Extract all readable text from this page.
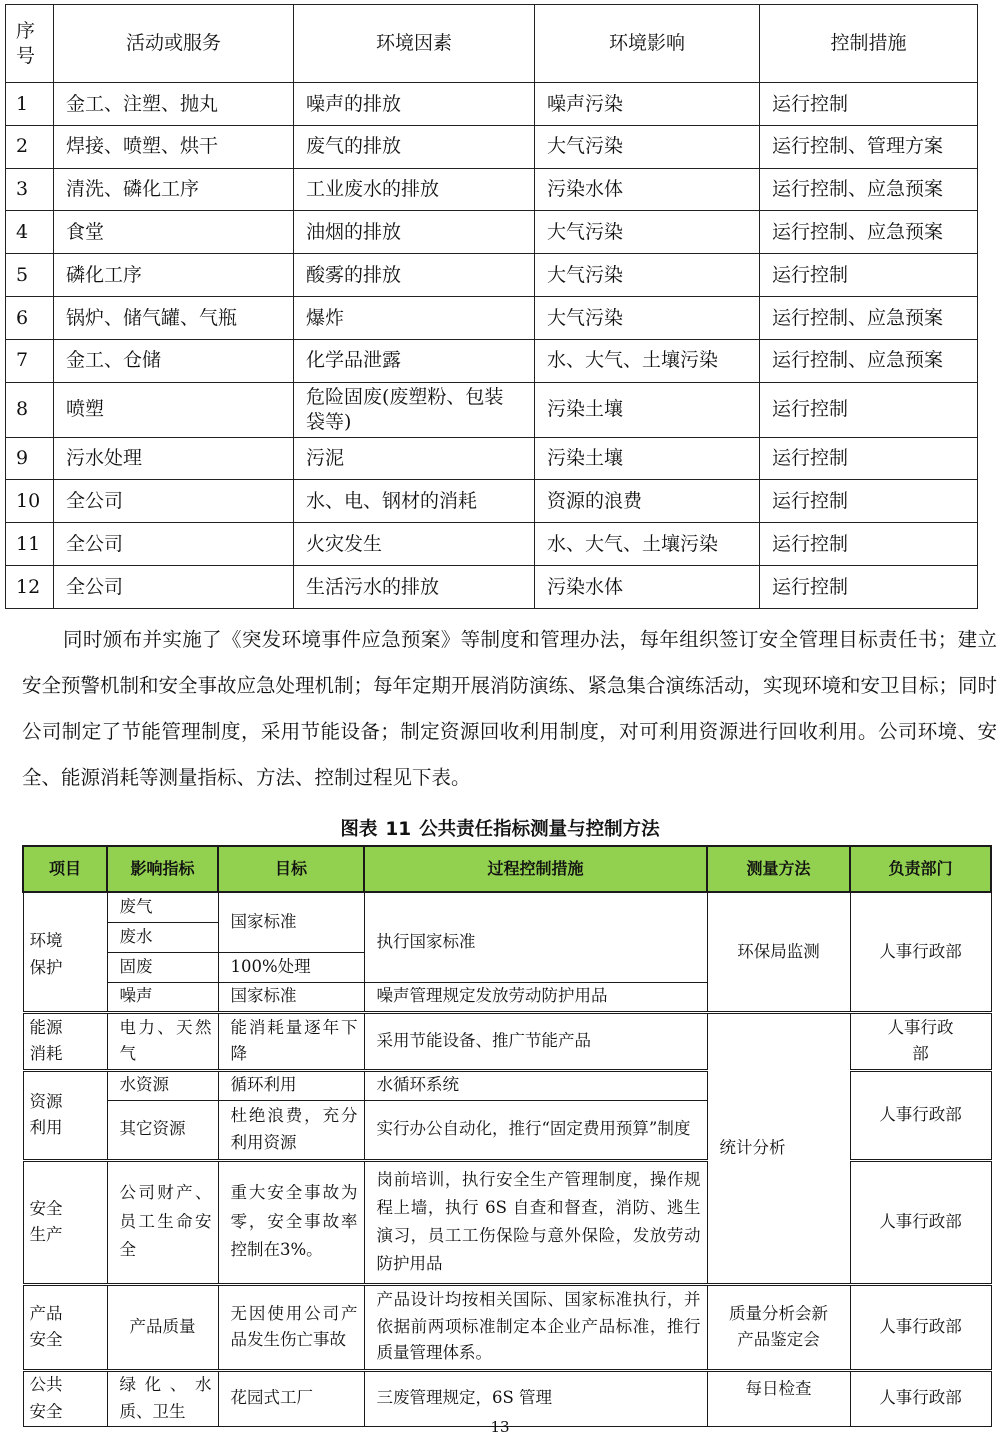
序号	活动或服务	环境因素	环境影响	控制措施
1	金工、注塑、抛丸	噪声的排放	噪声污染	运行控制
2	焊接、喷塑、烘干	废气的排放	大气污染	运行控制、管理方案
3	清洗、磷化工序	工业废水的排放	污染水体	运行控制、应急预案
4	食堂	油烟的排放	大气污染	运行控制、应急预案
5	磷化工序	酸雾的排放	大气污染	运行控制
6	锅炉、储气罐、气瓶	爆炸	大气污染	运行控制、应急预案
7	金工、仓储	化学品泄露	水、大气、土壤污染	运行控制、应急预案
8	喷塑	危险固废(废塑粉、包装袋等)	污染土壤	运行控制
9	污水处理	污泥	污染土壤	运行控制
10	全公司	水、电、钢材的消耗	资源的浪费	运行控制
11	全公司	火灾发生	水、大气、土壤污染	运行控制
12	全公司	生活污水的排放	污染水体	运行控制

同时颁布并实施了《突发环境事件应急预案》等制度和管理办法，每年组织签订安全管理目标责任书；建立安全预警机制和安全事故应急处理机制；每年定期开展消防演练、紧急集合演练活动，实现环境和安卫目标；同时公司制定了节能管理制度，采用节能设备；制定资源回收利用制度，对可利用资源进行回收利用。公司环境、安全、能源消耗等测量指标、方法、控制过程见下表。

图表 11 公共责任指标测量与控制方法
项目	影响指标	目标	过程控制措施	测量方法	负责部门
环境保护	废气	国家标准	执行国家标准	环保局监测	人事行政部
	废水				
	固废	100%处理			
	噪声	国家标准	噪声管理规定发放劳动防护用品		
能源消耗	电力、天然气	能消耗量逐年下降	采用节能设备、推广节能产品	统计分析	人事行政部
资源利用	水资源	循环利用	水循环系统		人事行政部
	其它资源	杜绝浪费，充分利用资源	实行办公自动化，推行“固定费用预算”制度		
安全生产	公司财产、员工生命安全	重大安全事故为零，安全事故率控制在3%。	岗前培训，执行安全生产管理制度，操作规程上墙，执行 6S 自查和督查，消防、逃生演习，员工工伤保险与意外保险，发放劳动防护用品		人事行政部
产品安全	产品质量	无因使用公司产品发生伤亡事故	产品设计均按相关国际、国家标准执行，并依据前两项标准制定本企业产品标准，推行质量管理体系。	质量分析会新产品鉴定会	人事行政部
公共安全	绿化、水质、卫生	花园式工厂	三废管理规定，6S 管理	每日检查	人事行政部
13
